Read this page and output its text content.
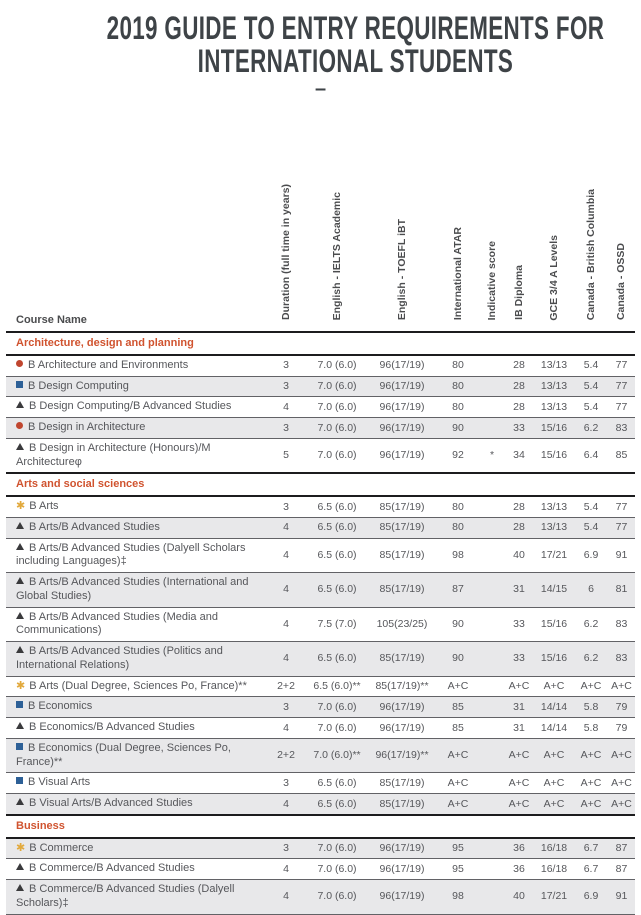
2019 GUIDE TO ENTRY REQUIREMENTS FOR
INTERNATIONAL STUDENTS
–
Course Name	Duration (full time in years)	English - IELTS Academic	English - TOEFL iBT	International ATAR	Indicative score	IB Diploma	GCE 3/4 A Levels	Canada - British Columbia	Canada - OSSD
Architecture, design and planning									
B Architecture and Environments	3	7.0 (6.0)	96(17/19)	80		28	13/13	5.4	77
B Design Computing	3	7.0 (6.0)	96(17/19)	80		28	13/13	5.4	77
B Design Computing/B Advanced Studies	4	7.0 (6.0)	96(17/19)	80		28	13/13	5.4	77
B Design in Architecture	3	7.0 (6.0)	96(17/19)	90		33	15/16	6.2	83
B Design in Architecture (Honours)/M Architectureφ	5	7.0 (6.0)	96(17/19)	92	*	34	15/16	6.4	85
Arts and social sciences									
✱ B Arts	3	6.5 (6.0)	85(17/19)	80		28	13/13	5.4	77
B Arts/B Advanced Studies	4	6.5 (6.0)	85(17/19)	80		28	13/13	5.4	77
B Arts/B Advanced Studies (Dalyell Scholars including Languages)‡	4	6.5 (6.0)	85(17/19)	98		40	17/21	6.9	91
B Arts/B Advanced Studies (International and Global Studies)	4	6.5 (6.0)	85(17/19)	87		31	14/15	6	81
B Arts/B Advanced Studies (Media and Communications)	4	7.5 (7.0)	105(23/25)	90		33	15/16	6.2	83
B Arts/B Advanced Studies (Politics and International Relations)	4	6.5 (6.0)	85(17/19)	90		33	15/16	6.2	83
✱ B Arts (Dual Degree, Sciences Po, France)**	2+2	6.5 (6.0)**	85(17/19)**	A+C		A+C	A+C	A+C	A+C
B Economics	3	7.0 (6.0)	96(17/19)	85		31	14/14	5.8	79
B Economics/B Advanced Studies	4	7.0 (6.0)	96(17/19)	85		31	14/14	5.8	79
B Economics (Dual Degree, Sciences Po, France)**	2+2	7.0 (6.0)**	96(17/19)**	A+C		A+C	A+C	A+C	A+C
B Visual Arts	3	6.5 (6.0)	85(17/19)	A+C		A+C	A+C	A+C	A+C
B Visual Arts/B Advanced Studies	4	6.5 (6.0)	85(17/19)	A+C		A+C	A+C	A+C	A+C
Business									
✱ B Commerce	3	7.0 (6.0)	96(17/19)	95		36	16/18	6.7	87
B Commerce/B Advanced Studies	4	7.0 (6.0)	96(17/19)	95		36	16/18	6.7	87
B Commerce/B Advanced Studies (Dalyell Scholars)‡	4	7.0 (6.0)	96(17/19)	98		40	17/21	6.9	91
